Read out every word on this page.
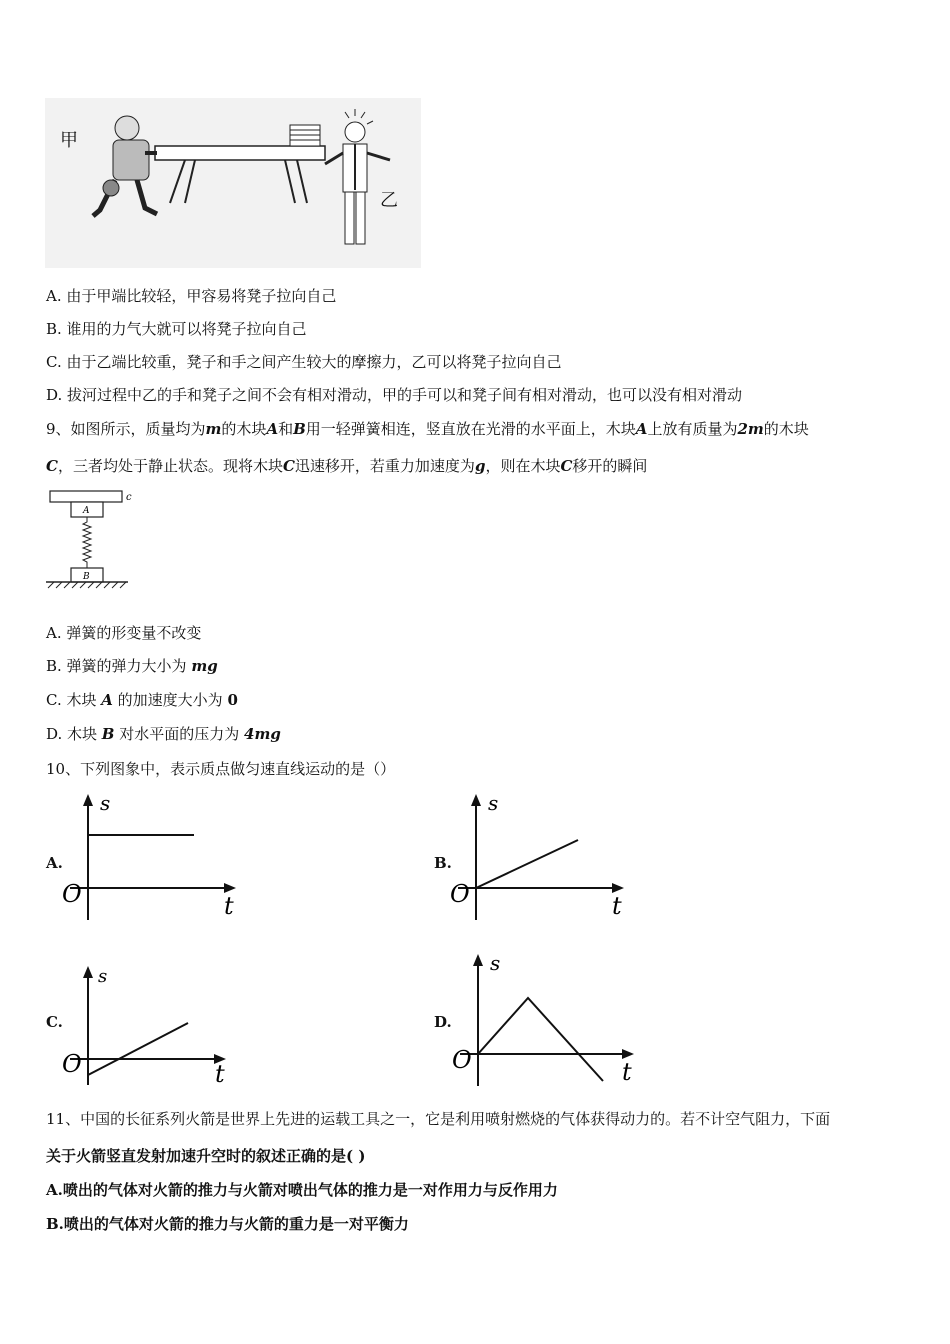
甲
乙
A. 由于甲端比较轻，甲容易将凳子拉向自己
B. 谁用的力气大就可以将凳子拉向自己
C. 由于乙端比较重，凳子和手之间产生较大的摩擦力，乙可以将凳子拉向自己
D. 拔河过程中乙的手和凳子之间不会有相对滑动，甲的手可以和凳子间有相对滑动，也可以没有相对滑动
9、如图所示，质量均为m的木块A和B用一轻弹簧相连，竖直放在光滑的水平面上，木块A上放有质量为2m的木块
C，三者均处于静止状态。现将木块C迅速移开，若重力加速度为g，则在木块C移开的瞬间
c
A
B
A. 弹簧的形变量不改变
B. 弹簧的弹力大小为 mg
C. 木块 A 的加速度大小为 0
D. 木块 B 对水平面的压力为 4mg
10、下列图象中，表示质点做匀速直线运动的是（）
A.
s
t
O
B.
s
t
O
C.
s
t
O
D.
s
t
O
11、中国的长征系列火箭是世界上先进的运载工具之一，它是利用喷射燃烧的气体获得动力的。若不计空气阻力，下面
关于火箭竖直发射加速升空时的叙述正确的是( )
A.喷出的气体对火箭的推力与火箭对喷出气体的推力是一对作用力与反作用力
B.喷出的气体对火箭的推力与火箭的重力是一对平衡力
